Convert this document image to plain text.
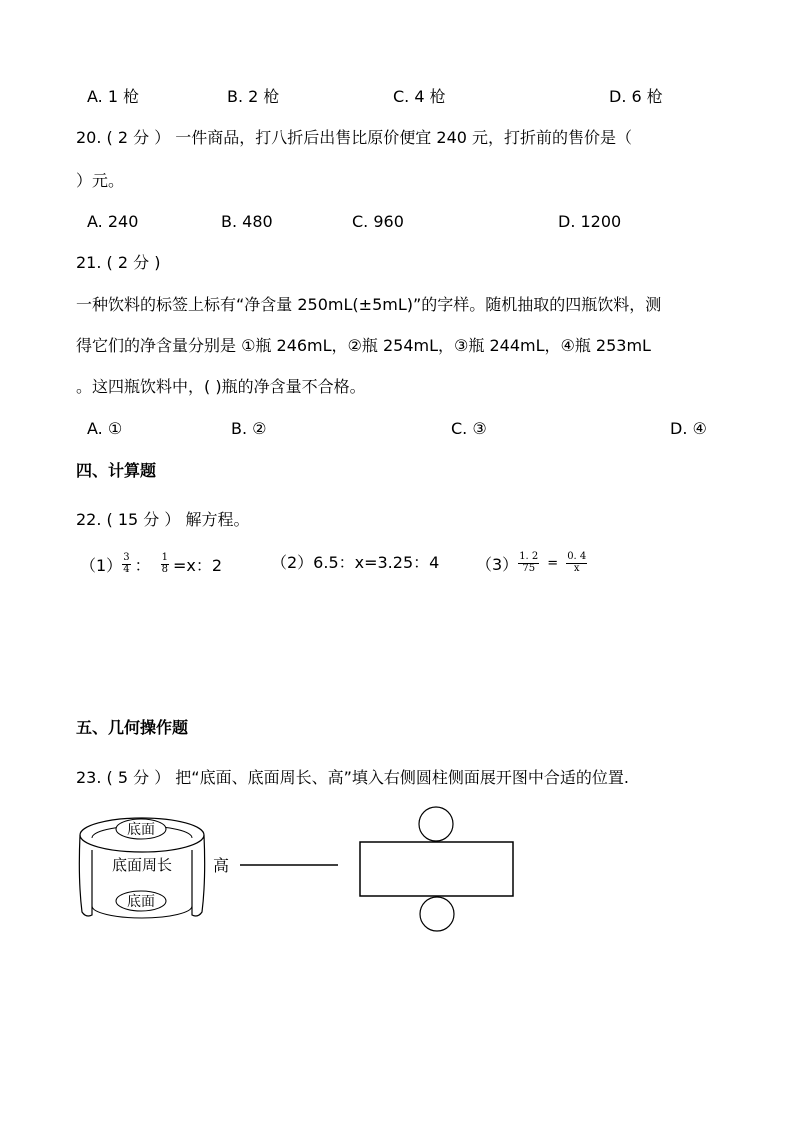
A. 1 枪	B. 2 枪	C. 4 枪	D. 6 枪
20. ( 2 分 ） 一件商品，打八折后出售比原价便宜 240 元，打折前的售价是（
）元。
A. 240	B. 480	C. 960	D. 1200
21. ( 2 分 )
一种饮料的标签上标有“净含量 250mL(±5mL)”的字样。随机抽取的四瓶饮料，测
得它们的净含量分别是 ①瓶 246mL，②瓶 254mL，③瓶 244mL，④瓶 253mL
。这四瓶饮料中，( )瓶的净含量不合格。
A. ①	B. ②	C. ③	D. ④
四、计算题
22. ( 15 分 ） 解方程。
$(1) \frac{3}{4}$ ： $\frac{1}{8} =x$：2	（2）6.5：x=3.25：4 $(3) \frac{1. 2}{75} = \frac{0. 4}{x}$
五、几何操作题
23. ( 5 分 ） 把“底面、底面周长、高”填入右侧圆柱侧面展开图中合适的位置.
底面
底面周长
底面
高
